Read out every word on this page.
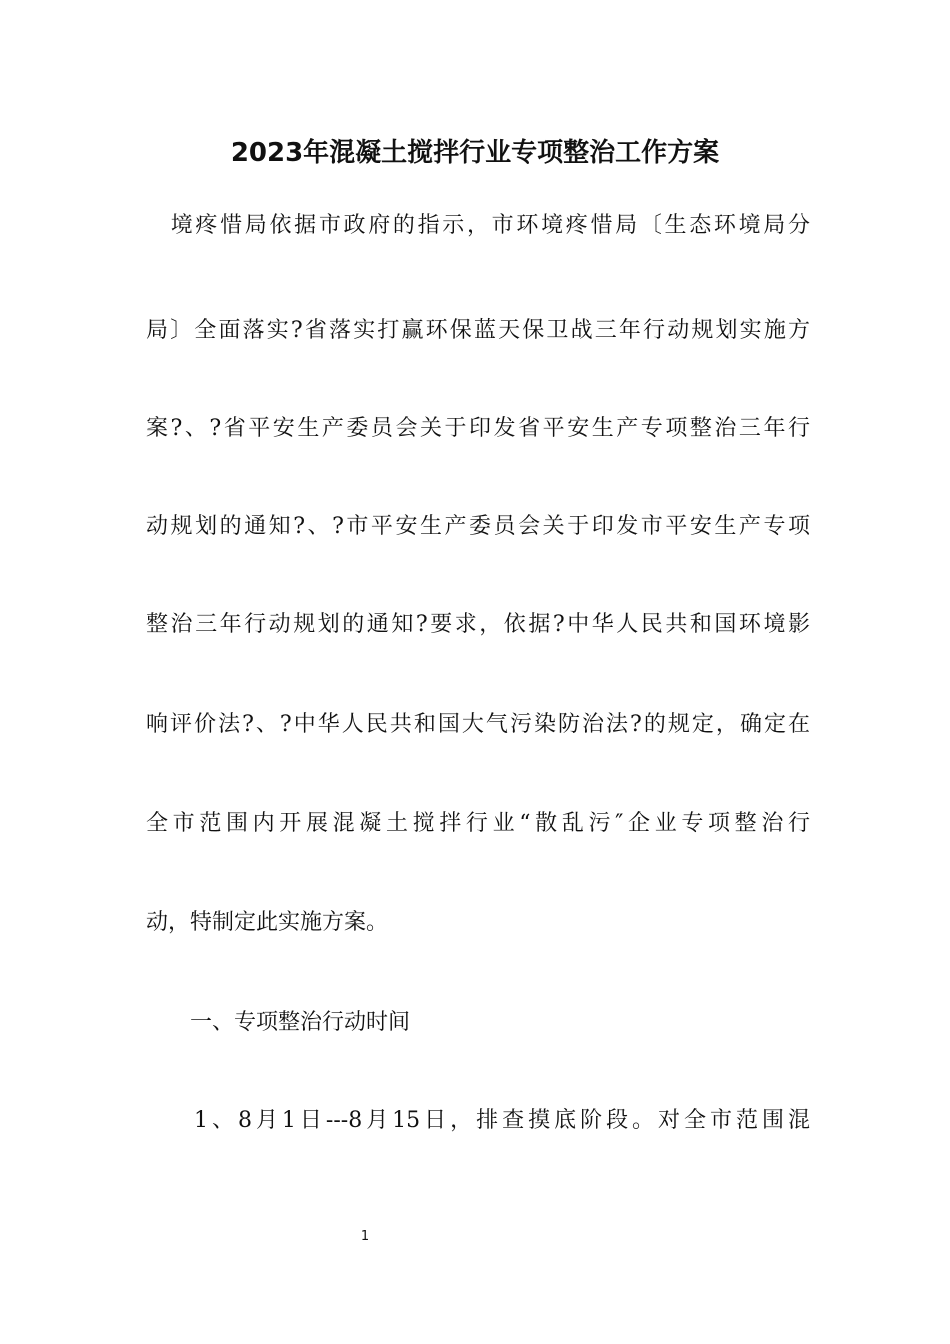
2023年混凝土搅拌行业专项整治工作方案
　境疼惜局依据市政府的指示，市环境疼惜局〔生态环境局分
局〕全面落实?省落实打赢环保蓝天保卫战三年行动规划实施方
案?、?省平安生产委员会关于印发省平安生产专项整治三年行
动规划的通知?、?市平安生产委员会关于印发市平安生产专项
整治三年行动规划的通知?要求，依据?中华人民共和国环境影
响评价法?、?中华人民共和国大气污染防治法?的规定，确定在
全市范围内开展混凝土搅拌行业“散乱污″企业专项整治行
动，特制定此实施方案。
　一、专项整治行动时间
　1、8月1日---8月15日，排查摸底阶段。对全市范围混
1
